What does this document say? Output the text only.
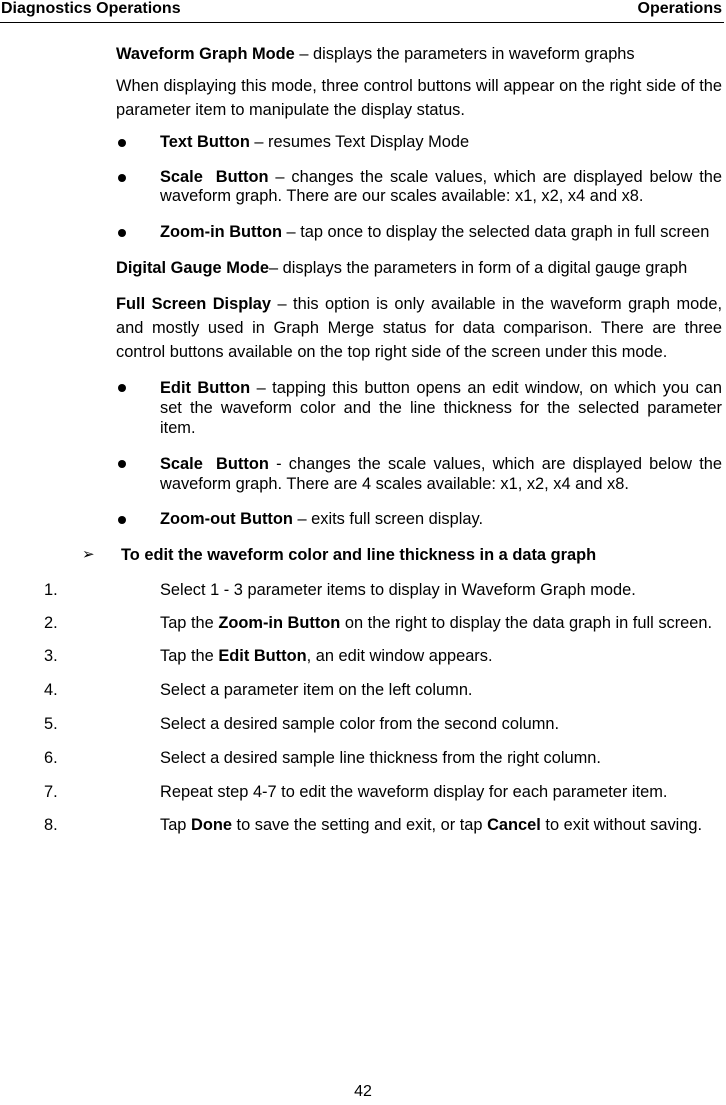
Diagnostics Operations	Operations

Waveform Graph Mode – displays the parameters in waveform graphs

When displaying this mode, three control buttons will appear on the right side of the parameter item to manipulate the display status.

Text Button – resumes Text Display Mode
Scale Button – changes the scale values, which are displayed below the waveform graph. There are our scales available: x1, x2, x4 and x8.
Zoom-in Button – tap once to display the selected data graph in full screen

Digital Gauge Mode– displays the parameters in form of a digital gauge graph

Full Screen Display – this option is only available in the waveform graph mode, and mostly used in Graph Merge status for data comparison. There are three control buttons available on the top right side of the screen under this mode.

Edit Button – tapping this button opens an edit window, on which you can set the waveform color and the line thickness for the selected parameter item.
Scale Button - changes the scale values, which are displayed below the waveform graph. There are 4 scales available: x1, x2, x4 and x8.
Zoom-out Button – exits full screen display.
➢ To edit the waveform color and line thickness in a data graph
1.	Select 1 - 3 parameter items to display in Waveform Graph mode.
2.	Tap the Zoom-in Button on the right to display the data graph in full screen.
3.	Tap the Edit Button, an edit window appears.
4.	Select a parameter item on the left column.
5.	Select a desired sample color from the second column.
6.	Select a desired sample line thickness from the right column.
7.	Repeat step 4-7 to edit the waveform display for each parameter item.
8.	Tap Done to save the setting and exit, or tap Cancel to exit without saving.
42
